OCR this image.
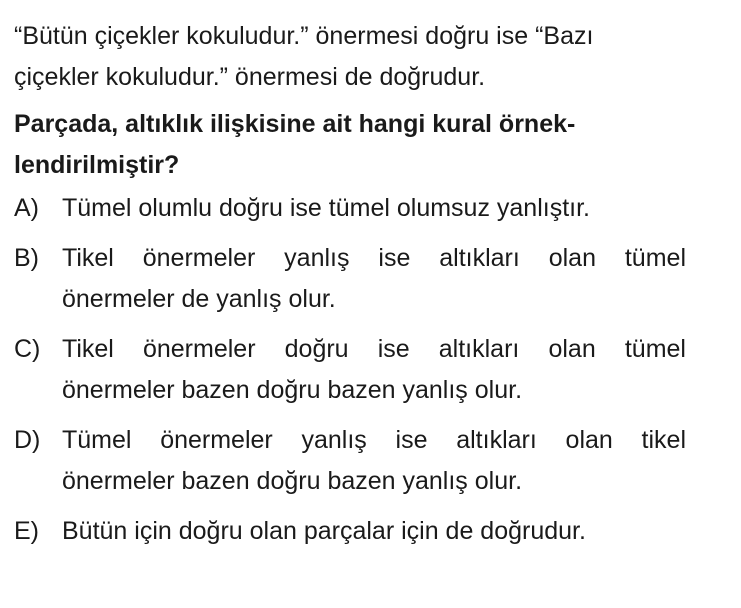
“Bütün çiçekler kokuludur.” önermesi doğru ise “Bazı
çiçekler kokuludur.” önermesi de doğrudur.

Parçada, altıklık ilişkisine ait hangi kural örnek-
lendirilmiştir?

A) Tümel olumlu doğru ise tümel olumsuz yanlıştır.
B) Tikel önermeler yanlış ise altıkları olan tümel
önermeler de yanlış olur.
C) Tikel önermeler doğru ise altıkları olan tümel
önermeler bazen doğru bazen yanlış olur.
D) Tümel önermeler yanlış ise altıkları olan tikel
önermeler bazen doğru bazen yanlış olur.
E) Bütün için doğru olan parçalar için de doğrudur.
